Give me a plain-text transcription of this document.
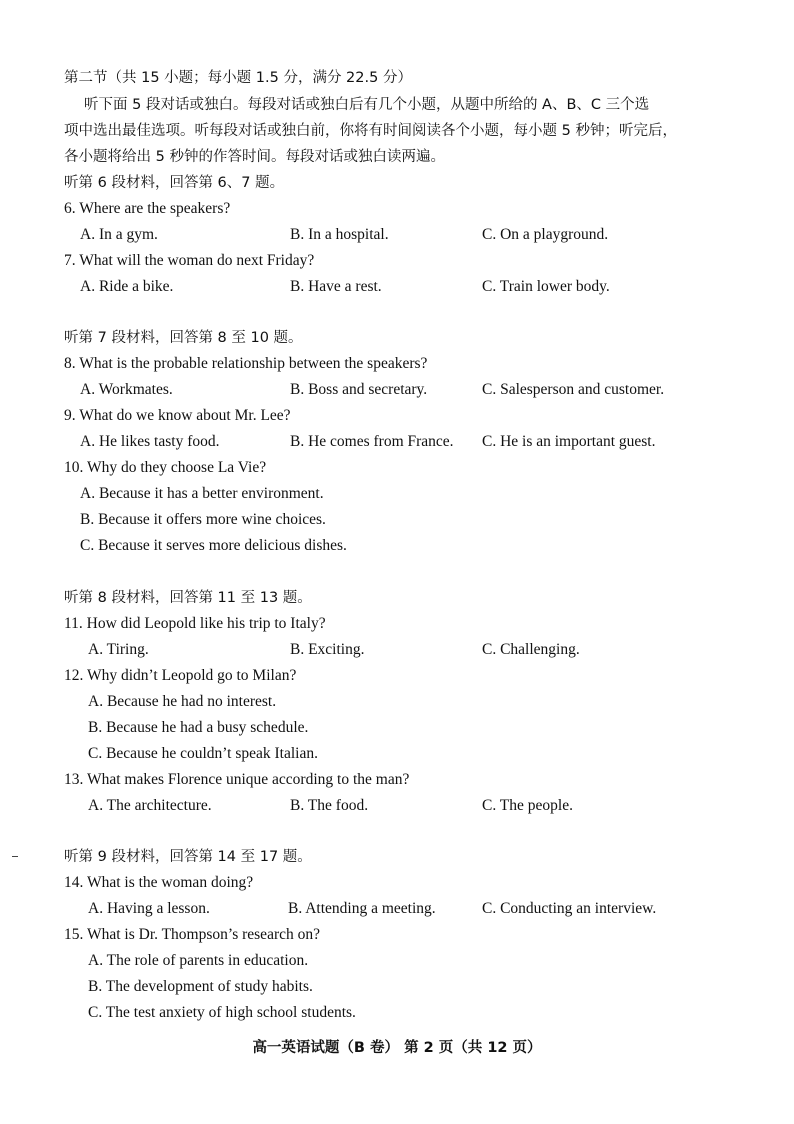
第二节（共 15 小题；每小题 1.5 分，满分 22.5 分）
听下面 5 段对话或独白。每段对话或独白后有几个小题，从题中所给的 A、B、C 三个选
项中选出最佳选项。听每段对话或独白前，你将有时间阅读各个小题，每小题 5 秒钟；听完后，
各小题将给出 5 秒钟的作答时间。每段对话或独白读两遍。
听第 6 段材料，回答第 6、7 题。
6. Where are the speakers?
A. In a gym.	B. In a hospital.	C. On a playground.
7. What will the woman do next Friday?
A. Ride a bike.	B. Have a rest.	C. Train lower body.
听第 7 段材料，回答第 8 至 10 题。
8. What is the probable relationship between the speakers?
A. Workmates.	B. Boss and secretary.	C. Salesperson and customer.
9. What do we know about Mr. Lee?
A. He likes tasty food.	B. He comes from France. C. He is an important guest.
10. Why do they choose La Vie?
A. Because it has a better environment.
B. Because it offers more wine choices.
C. Because it serves more delicious dishes.
听第 8 段材料，回答第 11 至 13 题。
11. How did Leopold like his trip to Italy?
A. Tiring.	B. Exciting.	C. Challenging.
12. Why didn’t Leopold go to Milan?
A. Because he had no interest.
B. Because he had a busy schedule.
C. Because he couldn’t speak Italian.
13. What makes Florence unique according to the man?
A. The architecture.	B. The food.	C. The people.
听第 9 段材料，回答第 14 至 17 题。
14. What is the woman doing?
A. Having a lesson.	B. Attending a meeting.	C. Conducting an interview.
15. What is Dr. Thompson’s research on?
A. The role of parents in education.
B. The development of study habits.
C. The test anxiety of high school students.
高一英语试题（B 卷） 第 2 页（共 12 页）
